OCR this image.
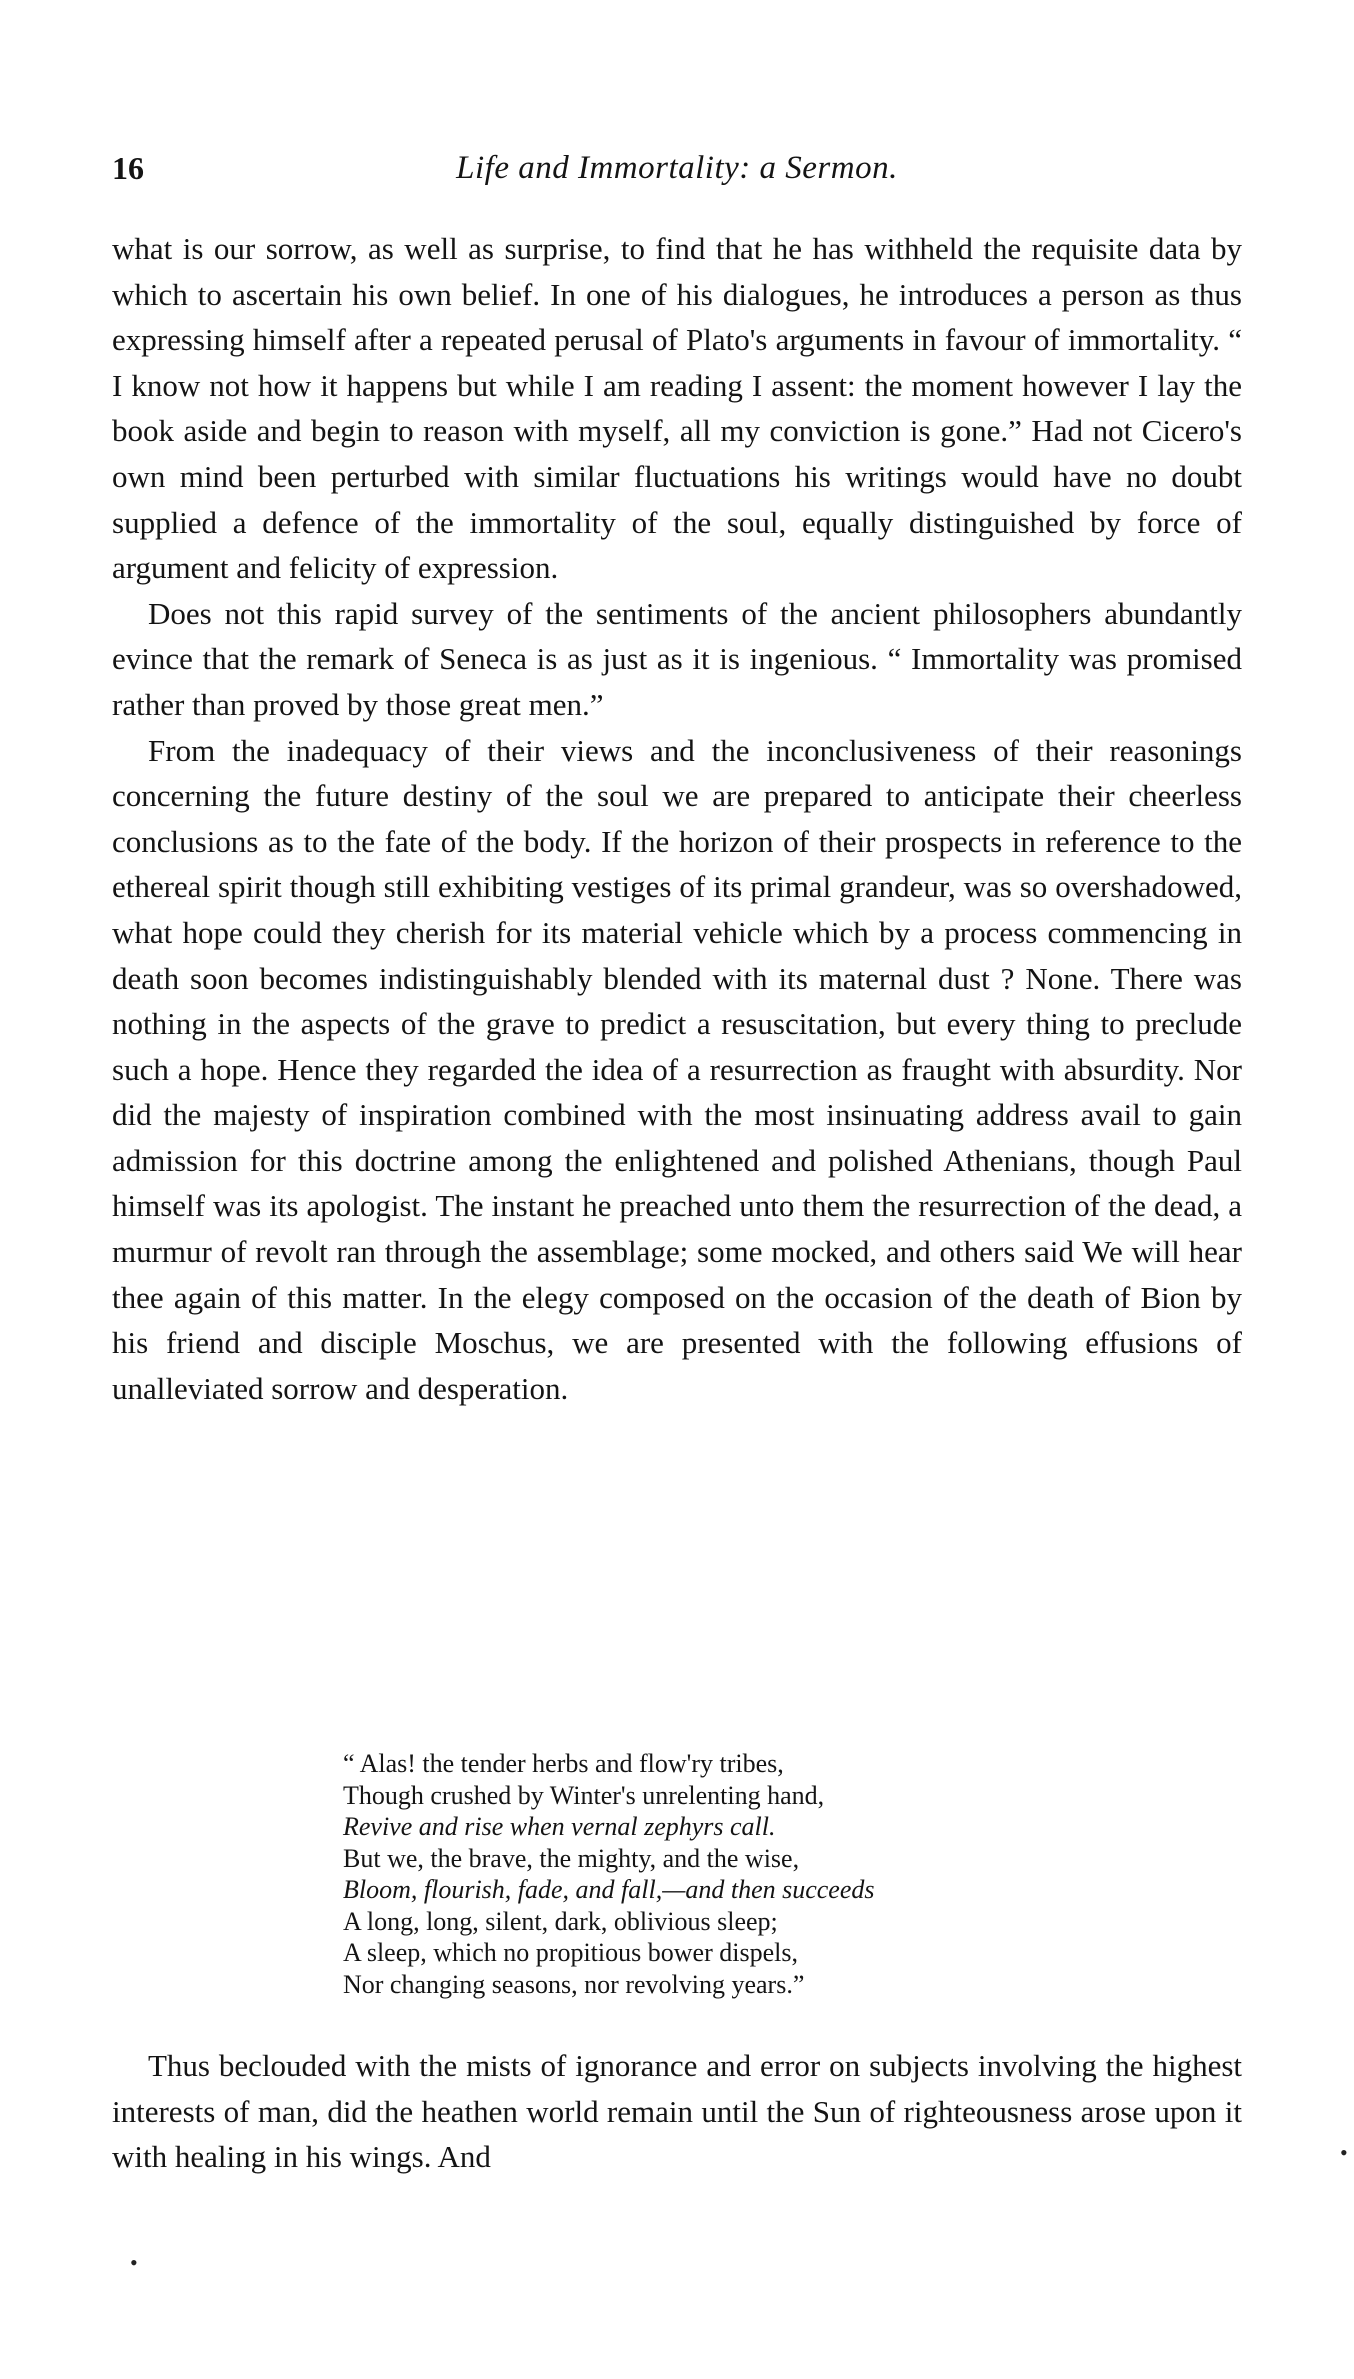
16	Life and Immortality: a Sermon.

what is our sorrow, as well as surprise, to find that he has withheld the requisite data by which to ascertain his own belief. In one of his dialogues, he introduces a person as thus expressing himself after a repeated perusal of Plato's arguments in favour of immortality. “ I know not how it happens but while I am reading I assent: the moment however I lay the book aside and begin to reason with myself, all my conviction is gone.” Had not Cicero's own mind been perturbed with similar fluctuations his writings would have no doubt supplied a defence of the immortality of the soul, equally distinguished by force of argument and felicity of expression.

Does not this rapid survey of the sentiments of the ancient philosophers abundantly evince that the remark of Seneca is as just as it is ingenious. “ Immortality was promised rather than proved by those great men.”

From the inadequacy of their views and the inconclusiveness of their reasonings concerning the future destiny of the soul we are prepared to anticipate their cheerless conclusions as to the fate of the body. If the horizon of their prospects in reference to the ethereal spirit though still exhibiting vestiges of its primal grandeur, was so overshadowed, what hope could they cherish for its material vehicle which by a process commencing in death soon becomes indistinguishably blended with its maternal dust ? None. There was nothing in the aspects of the grave to predict a resuscitation, but every thing to preclude such a hope. Hence they regarded the idea of a resurrection as fraught with absurdity. Nor did the majesty of inspiration combined with the most insinuating address avail to gain admission for this doctrine among the enlightened and polished Athenians, though Paul himself was its apologist. The instant he preached unto them the resurrection of the dead, a murmur of revolt ran through the assemblage; some mocked, and others said We will hear thee again of this matter. In the elegy composed on the occasion of the death of Bion by his friend and disciple Moschus, we are presented with the following effusions of unalleviated sorrow and desperation.

“ Alas! the tender herbs and flow'ry tribes,
Though crushed by Winter's unrelenting hand,
Revive and rise when vernal zephyrs call.
But we, the brave, the mighty, and the wise,
Bloom, flourish, fade, and fall,—and then succeeds
A long, long, silent, dark, oblivious sleep;
A sleep, which no propitious bower dispels,
Nor changing seasons, nor revolving years.”

Thus beclouded with the mists of ignorance and error on subjects involving the highest interests of man, did the heathen world remain until the Sun of righteousness arose upon it with healing in his wings. And	•
•
